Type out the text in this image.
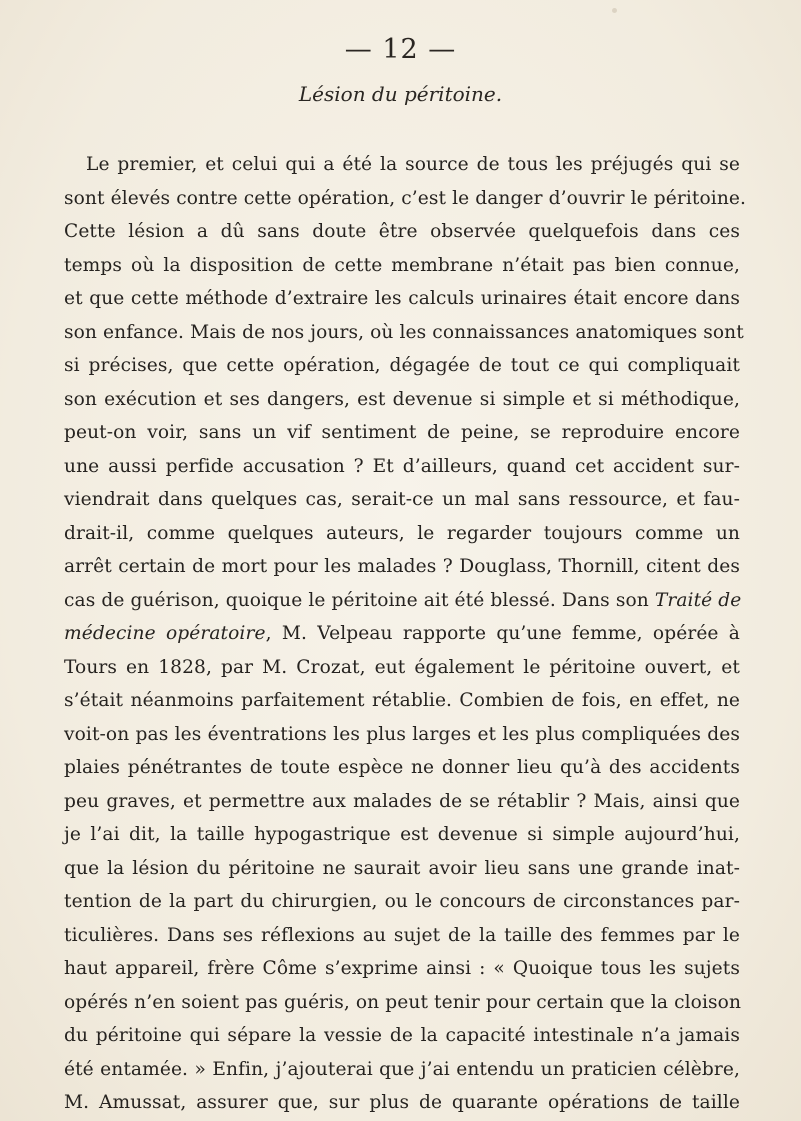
— 12 —
Lésion du péritoine.
Le premier, et celui qui a été la source de tous les préjugés qui se
sont élevés contre cette opération, c’est le danger d’ouvrir le péritoine.
Cette lésion a dû sans doute être observée quelquefois dans ces
temps où la disposition de cette membrane n’était pas bien connue,
et que cette méthode d’extraire les calculs urinaires était encore dans
son enfance. Mais de nos jours, où les connaissances anatomiques sont
si précises, que cette opération, dégagée de tout ce qui compliquait
son exécution et ses dangers, est devenue si simple et si méthodique,
peut-on voir, sans un vif sentiment de peine, se reproduire encore
une aussi perfide accusation ? Et d’ailleurs, quand cet accident sur-
viendrait dans quelques cas, serait-ce un mal sans ressource, et fau-
drait-il, comme quelques auteurs, le regarder toujours comme un
arrêt certain de mort pour les malades ? Douglass, Thornill, citent des
cas de guérison, quoique le péritoine ait été blessé. Dans son Traité de
médecine opératoire, M. Velpeau rapporte qu’une femme, opérée à
Tours en 1828, par M. Crozat, eut également le péritoine ouvert, et
s’était néanmoins parfaitement rétablie. Combien de fois, en effet, ne
voit-on pas les éventrations les plus larges et les plus compliquées des
plaies pénétrantes de toute espèce ne donner lieu qu’à des accidents
peu graves, et permettre aux malades de se rétablir ? Mais, ainsi que
je l’ai dit, la taille hypogastrique est devenue si simple aujourd’hui,
que la lésion du péritoine ne saurait avoir lieu sans une grande inat-
tention de la part du chirurgien, ou le concours de circonstances par-
ticulières. Dans ses réflexions au sujet de la taille des femmes par le
haut appareil, frère Côme s’exprime ainsi : « Quoique tous les sujets
opérés n’en soient pas guéris, on peut tenir pour certain que la cloison
du péritoine qui sépare la vessie de la capacité intestinale n’a jamais
été entamée. » Enfin, j’ajouterai que j’ai entendu un praticien célèbre,
M. Amussat, assurer que, sur plus de quarante opérations de taille
